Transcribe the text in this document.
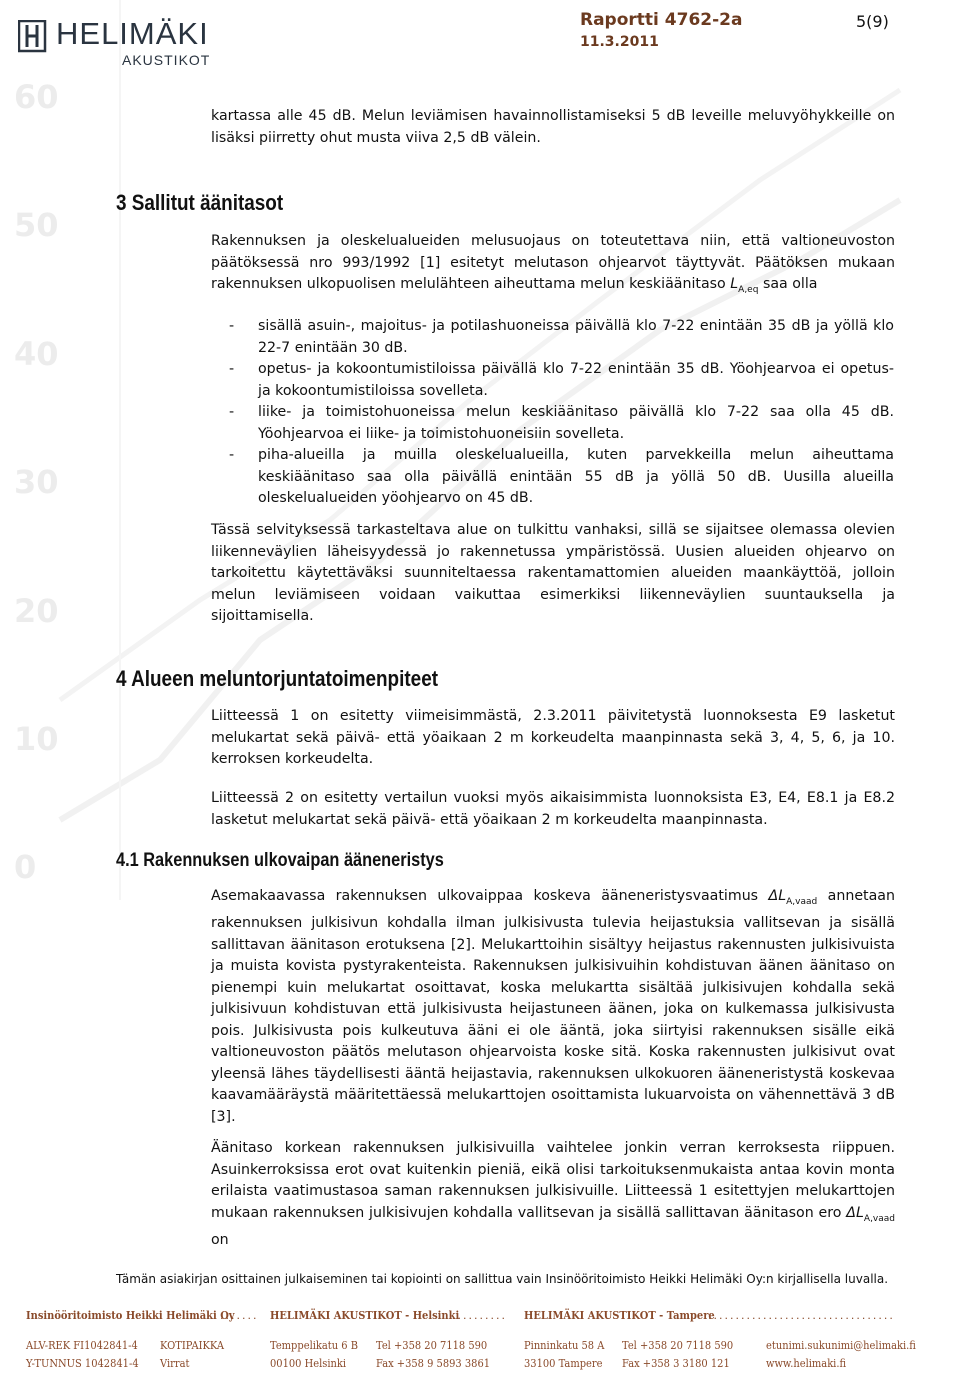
60
50
40
30
20
10
0
HELIMÄKI
AKUSTIKOT
Raportti 4762-2a
11.3.2011
5(9)

kartassa alle 45 dB. Melun leviämisen havainnollistamiseksi 5 dB leveille meluvyöhykkeille on lisäksi piirretty ohut musta viiva 2,5 dB välein.

3 Sallitut äänitasot

Rakennuksen ja oleskelualueiden melusuojaus on toteutettava niin, että valtioneuvoston päätöksessä nro 993/1992 [1] esitetyt melutason ohjearvot täyttyvät. Päätöksen mukaan rakennuksen ulkopuolisen melulähteen aiheuttama melun keskiäänitaso $L_{A,eq}$ saa olla

- sisällä asuin-, majoitus- ja potilashuoneissa päivällä klo 7-22 enintään 35 dB ja yöllä klo 22-7 enintään 30 dB.
- opetus- ja kokoontumistiloissa päivällä klo 7-22 enintään 35 dB. Yöohjearvoa ei opetus- ja kokoontumistiloissa sovelleta.
- liike- ja toimistohuoneissa melun keskiäänitaso päivällä klo 7-22 saa olla 45 dB. Yöohjearvoa ei liike- ja toimistohuoneisiin sovelleta.
- piha-alueilla ja muilla oleskelualueilla, kuten parvekkeilla melun aiheuttama keskiäänitaso saa olla päivällä enintään 55 dB ja yöllä 50 dB. Uusilla alueilla oleskelualueiden yöohjearvo on 45 dB.

Tässä selvityksessä tarkasteltava alue on tulkittu vanhaksi, sillä se sijaitsee olemassa olevien liikenneväylien läheisyydessä jo rakennetussa ympäristössä. Uusien alueiden ohjearvo on tarkoitettu käytettäväksi suunniteltaessa rakentamattomien alueiden maankäyttöä, jolloin melun leviämiseen voidaan vaikuttaa esimerkiksi liikenneväylien suuntauksella ja sijoittamisella.

4 Alueen meluntorjuntatoimenpiteet

Liitteessä 1 on esitetty viimeisimmästä, 2.3.2011 päivitetystä luonnoksesta E9 lasketut melukartat sekä päivä- että yöaikaan 2 m korkeudelta maanpinnasta sekä 3, 4, 5, 6, ja 10. kerroksen korkeudelta.

Liitteessä 2 on esitetty vertailun vuoksi myös aikaisimmista luonnoksista E3, E4, E8.1 ja E8.2 lasketut melukartat sekä päivä- että yöaikaan 2 m korkeudelta maanpinnasta.

4.1 Rakennuksen ulkovaipan ääneneristys

Asemakaavassa rakennuksen ulkovaippaa koskeva ääneneristysvaatimus $\Delta L_{A,vaad}$ annetaan rakennuksen julkisivun kohdalla ilman julkisivusta tulevia heijastuksia vallitsevan ja sisällä sallittavan äänitason erotuksena [2]. Melukarttoihin sisältyy heijastus rakennusten julkisivuista ja muista kovista pystyrakenteista. Rakennuksen julkisivuihin kohdistuvan äänen äänitaso on pienempi kuin melukartat osoittavat, koska melukartta sisältää julkisivujen kohdalla sekä julkisivuun kohdistuvan että julkisivusta heijastuneen äänen, joka on kulkemassa julkisivusta pois. Julkisivusta pois kulkeutuva ääni ei ole ääntä, joka siirtyisi rakennuksen sisälle eikä valtioneuvoston päätös melutason ohjearvoista koske sitä. Koska rakennusten julkisivut ovat yleensä lähes täydellisesti ääntä heijastavia, rakennuksen ulkokuoren ääneneristystä koskevaa kaavamääräystä määritettäessä melukarttojen osoittamista lukuarvoista on vähennettävä 3 dB [3].

Äänitaso korkean rakennuksen julkisivuilla vaihtelee jonkin verran kerroksesta riippuen. Asuinkerroksissa erot ovat kuitenkin pieniä, eikä olisi tarkoituksenmukaista antaa kovin monta erilaista vaatimustasoa saman rakennuksen julkisivuille. Liitteessä 1 esitettyjen melukarttojen mukaan rakennuksen julkisivujen kohdalla vallitsevan ja sisällä sallittavan äänitason ero $\Delta L_{A,vaad}$ on

Tämän asiakirjan osittainen julkaiseminen tai kopiointi on sallittua vain Insinööritoimisto Heikki Helimäki Oy:n kirjallisella luvalla.
Insinööritoimisto Heikki Helimäki Oy
······· HELIMÄKI AKUSTIKOT - Helsinki
·········· HELIMÄKI AKUSTIKOT - Tampere
··································
ALV-REK FI1042841-4
Y-TUNNUS 1042841-4
KOTIPAIKKA
Virrat
Temppelikatu 6 B
00100 Helsinki
Tel +358 20 7118 590
Fax +358 9 5893 3861
Pinninkatu 58 A
33100 Tampere
Tel +358 20 7118 590
Fax +358 3 3180 121
etunimi.sukunimi@helimaki.fi
www.helimaki.fi
